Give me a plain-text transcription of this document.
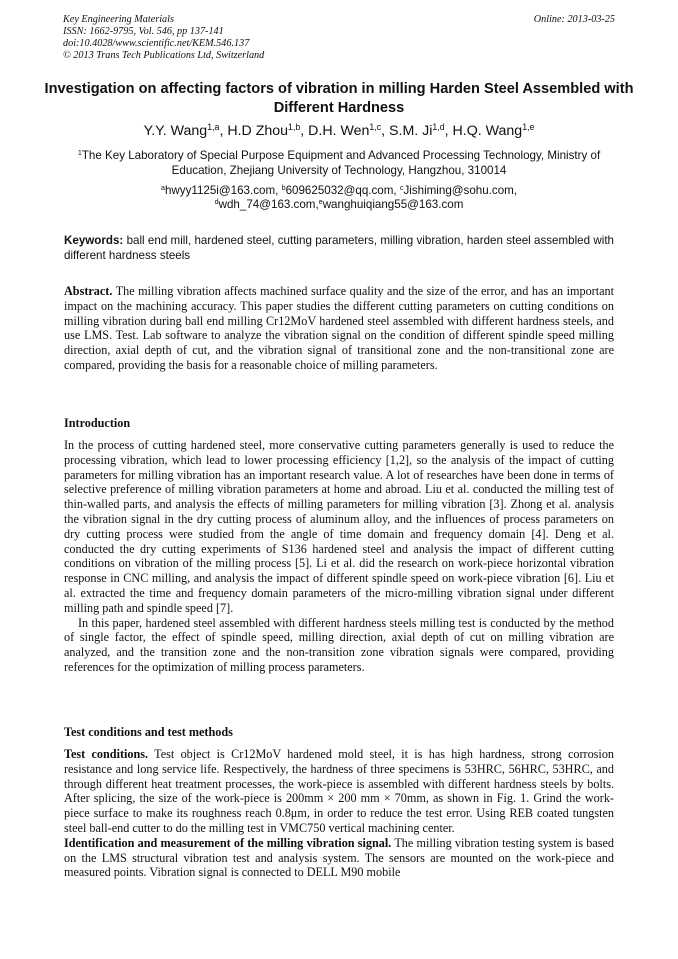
Key Engineering Materials
ISSN: 1662-9795, Vol. 546, pp 137-141
doi:10.4028/www.scientific.net/KEM.546.137
© 2013 Trans Tech Publications Ltd, Switzerland
Online: 2013-03-25
Investigation on affecting factors of vibration in milling Harden Steel Assembled with Different Hardness
Y.Y. Wang$^{1,a}$, H.D Zhou$^{1,b}$, D.H. Wen$^{1,c}$, S.M. Ji$^{1,d}$, H.Q. Wang$^{1,e}$
$^1$The Key Laboratory of Special Purpose Equipment and Advanced Processing Technology, Ministry of Education, Zhejiang University of Technology, Hangzhou, 310014
$^a$hwyy1125i@163.com, $^b$609625032@qq.com, $^c$Jishiming@sohu.com,
$^d$wdh_74@163.com,$^e$wanghuiqiang55@163.com
Keywords: ball end mill, hardened steel, cutting parameters, milling vibration, harden steel assembled with different hardness steels
Abstract. The milling vibration affects machined surface quality and the size of the error, and has an important impact on the machining accuracy. This paper studies the different cutting parameters on cutting conditions on milling vibration during ball end milling Cr12MoV hardened steel assembled with different hardness steels, and use LMS. Test. Lab software to analyze the vibration signal on the condition of different spindle speed milling direction, axial depth of cut, and the vibration signal of transitional zone and the non-transitional zone are compared, providing the basis for a reasonable choice of milling parameters.
Introduction

In the process of cutting hardened steel, more conservative cutting parameters generally is used to reduce the processing vibration, which lead to lower processing efficiency [1,2], so the analysis of the impact of cutting parameters for milling vibration has an important research value. A lot of researches have been done in terms of selective preference of milling vibration parameters at home and abroad. Liu et al. conducted the milling test of thin-walled parts, and analysis the effects of milling parameters for milling vibration [3]. Zhong et al. analysis the vibration signal in the dry cutting process of aluminum alloy, and the influences of process parameters on dry cutting process were studied from the angle of time domain and frequency domain [4]. Deng et al. conducted the dry cutting experiments of S136 hardened steel and analysis the impact of different cutting conditions on vibration of the milling process [5]. Li et al. did the research on work-piece horizontal vibration response in CNC milling, and analysis the impact of different spindle speed on work-piece vibration [6]. Liu et al. extracted the time and frequency domain parameters of the micro-milling vibration signal under different milling path and spindle speed [7].

In this paper, hardened steel assembled with different hardness steels milling test is conducted by the method of single factor, the effect of spindle speed, milling direction, axial depth of cut on milling vibration are analyzed, and the transition zone and the non-transition zone vibration signals were compared, providing references for the optimization of milling process parameters.

Test conditions and test methods

Test conditions. Test object is Cr12MoV hardened mold steel, it is has high hardness, strong corrosion resistance and long service life. Respectively, the hardness of three specimens is 53HRC, 56HRC, 53HRC, and through different heat treatment processes, the work-piece is assembled with different hardness steels by bolts. After splicing, the size of the work-piece is 200mm × 200 mm × 70mm, as shown in Fig. 1. Grind the work-piece surface to make its roughness reach 0.8μm, in order to reduce the test error. Using REB coated tungsten steel ball-end cutter to do the milling test in VMC750 vertical machining center.

Identification and measurement of the milling vibration signal. The milling vibration testing system is based on the LMS structural vibration test and analysis system. The sensors are mounted on the work-piece and measured points. Vibration signal is connected to DELL M90 mobile
